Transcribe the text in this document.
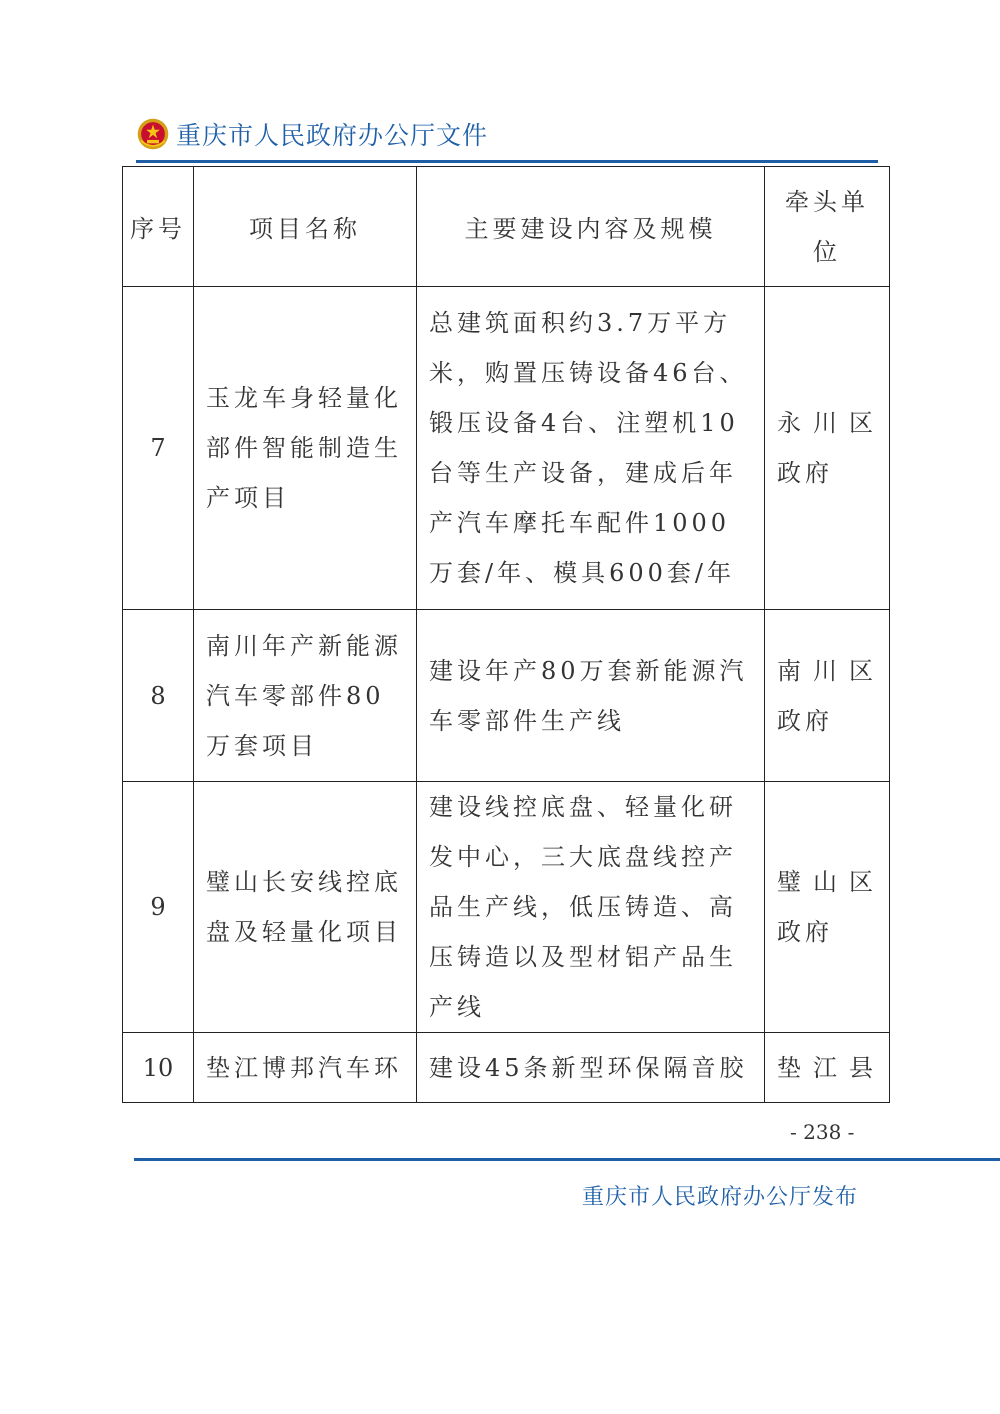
重庆市人民政府办公厅文件
序号	项目名称	主要建设内容及规模	牵头单
位

7	玉龙车身轻量化部件智能制造生产项目	总建筑面积约3.7万平方米，购置压铸设备46台、锻压设备4台、注塑机10台等生产设备，建成后年产汽车摩托车配件1000万套/年、模具600套/年	永川区
政府

8	南川年产新能源汽车零部件80万套项目	建设年产80万套新能源汽车零部件生产线	南川区
政府

9	璧山长安线控底盘及轻量化项目	建设线控底盘、轻量化研发中心，三大底盘线控产品生产线，低压铸造、高压铸造以及型材铝产品生产线	璧山区
政府

10	垫江博邦汽车环	建设45条新型环保隔音胶	垫江县
- 238 -
重庆市人民政府办公厅发布
